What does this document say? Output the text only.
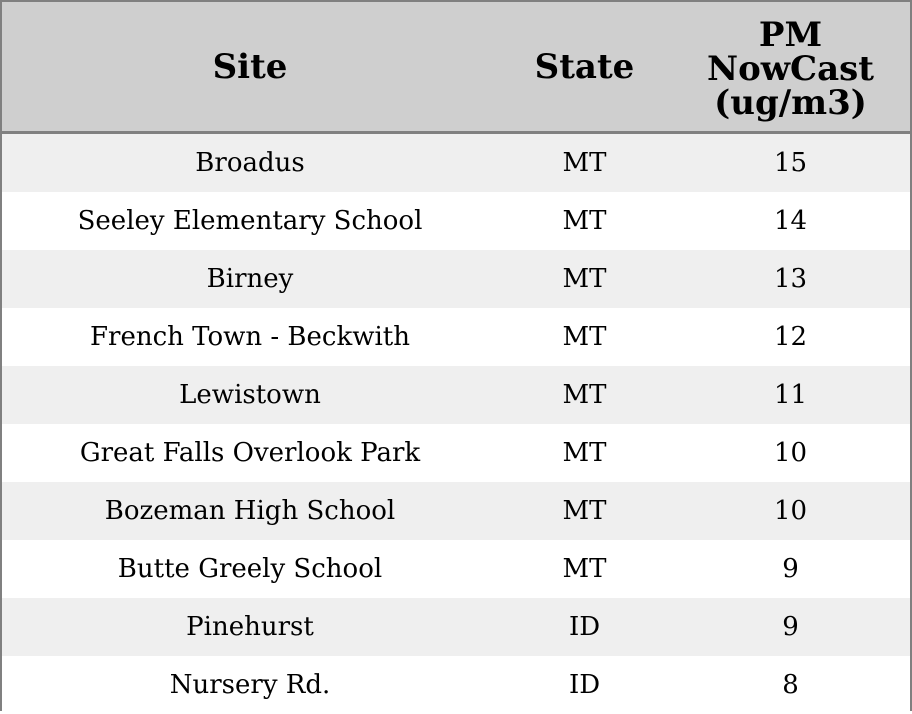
Site	State	PM
NowCast
(ug/m3)
Broadus	MT	15
Seeley Elementary School	MT	14
Birney	MT	13
French Town - Beckwith	MT	12
Lewistown	MT	11
Great Falls Overlook Park	MT	10
Bozeman High School	MT	10
Butte Greely School	MT	9
Pinehurst	ID	9
Nursery Rd.	ID	8
